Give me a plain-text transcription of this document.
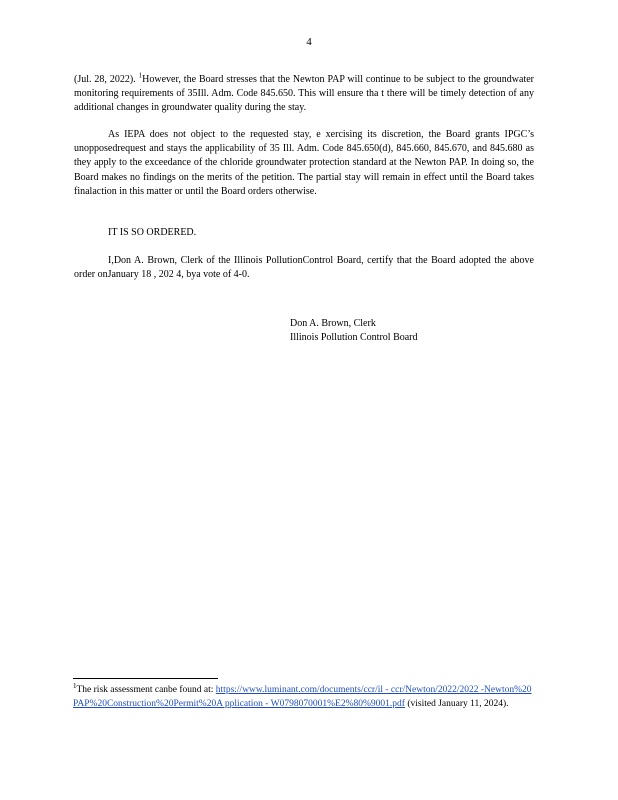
4

(Jul. 28, 2022). $^1$However, the Board stresses that the Newton PAP will continue to be subject to the groundwater monitoring requirements of 35Ill. Adm. Code 845.650. This will ensure tha t there will be timely detection of any additional changes in groundwater quality during the stay.

As IEPA does not object to the requested stay, e xercising its discretion, the Board grants IPGC’s unopposedrequest and stays the applicability of 35 Ill. Adm. Code 845.650(d), 845.660, 845.670, and 845.680 as they apply to the exceedance of the chloride groundwater protection standard at the Newton PAP. In doing so, the Board makes no findings on the merits of the petition. The partial stay will remain in effect until the Board takes finalaction in this matter or until the Board orders otherwise.

IT IS SO ORDERED.

I,Don A. Brown, Clerk of the Illinois PollutionControl Board, certify that the Board adopted the above order onJanuary 18 , 202 4, bya vote of 4-0.

Don A. Brown, Clerk
Illinois Pollution Control Board
$^1$The risk assessment canbe found at: https://www.luminant.com/documents/ccr/il - ccr/Newton/2022/2022 -Newton%20PAP%20Construction%20Permit%20A pplication - W0798070001%E2%80%9001.pdf (visited January 11, 2024).
